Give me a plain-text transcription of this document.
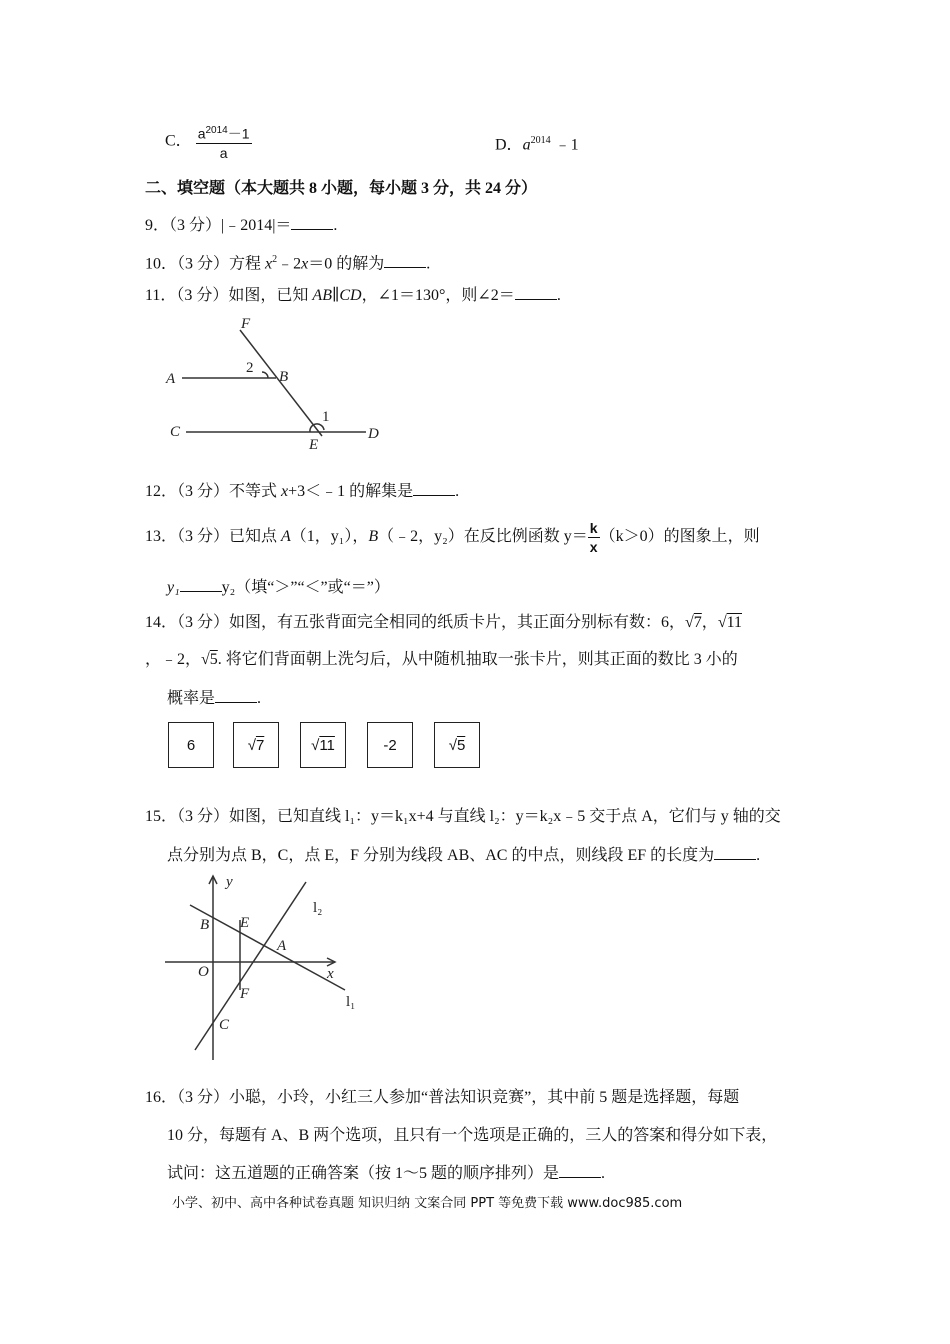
C． $\frac{a^{2014}-1}{a}$	D．$a^{2014}$ ﹣1
二、填空题（本大题共 8 小题，每小题 3 分，共 24 分）
9．（3 分）|﹣2014|＝	.
10．（3 分）方程 $x^2﹣2x=0$ 的解为	.
11．（3 分）如图，已知 AB∥CD，∠1＝130°，则∠2＝	.
F
A
2
B
1
C
E
D
y
l₂
B E
A
O	x
F	l₁
C
12．（3 分）不等式 x+3＜﹣1 的解集是	.
13．（3 分）已知点 A（1，y₁），B（﹣2，y₂）在反比例函数 $y= \frac{k}{x} (k>0)$的图象上，则
y₁	y₂（填“＞”“＜”或“＝”）
14．（3 分）如图，有五张背面完全相同的纸质卡片，其正面分别标有数：6，√7，√11
，﹣2，√5. 将它们背面朝上洗匀后，从中随机抽取一张卡片，则其正面的数比 3 小的
概率是	.
6	√ 7	√ 11	-2	√ 5
15．（3 分）如图，已知直线 l₁：y＝k₁x+4 与直线 l₂：y＝k₂x﹣5 交于点 A，它们与 y 轴的交
点分别为点 B，C，点 E，F 分别为线段 AB、AC 的中点，则线段 EF 的长度为	.
16．（3 分）小聪，小玲，小红三人参加“普法知识竞赛”，其中前 5 题是选择题，每题
10 分，每题有 A、B 两个选项，且只有一个选项是正确的，三人的答案和得分如下表，
试问：这五道题的正确答案（按 1～5 题的顺序排列）是	.
小学、初中、高中各种试卷真题 知识归纳 文案合同 PPT 等免费下载 www.doc985.com
